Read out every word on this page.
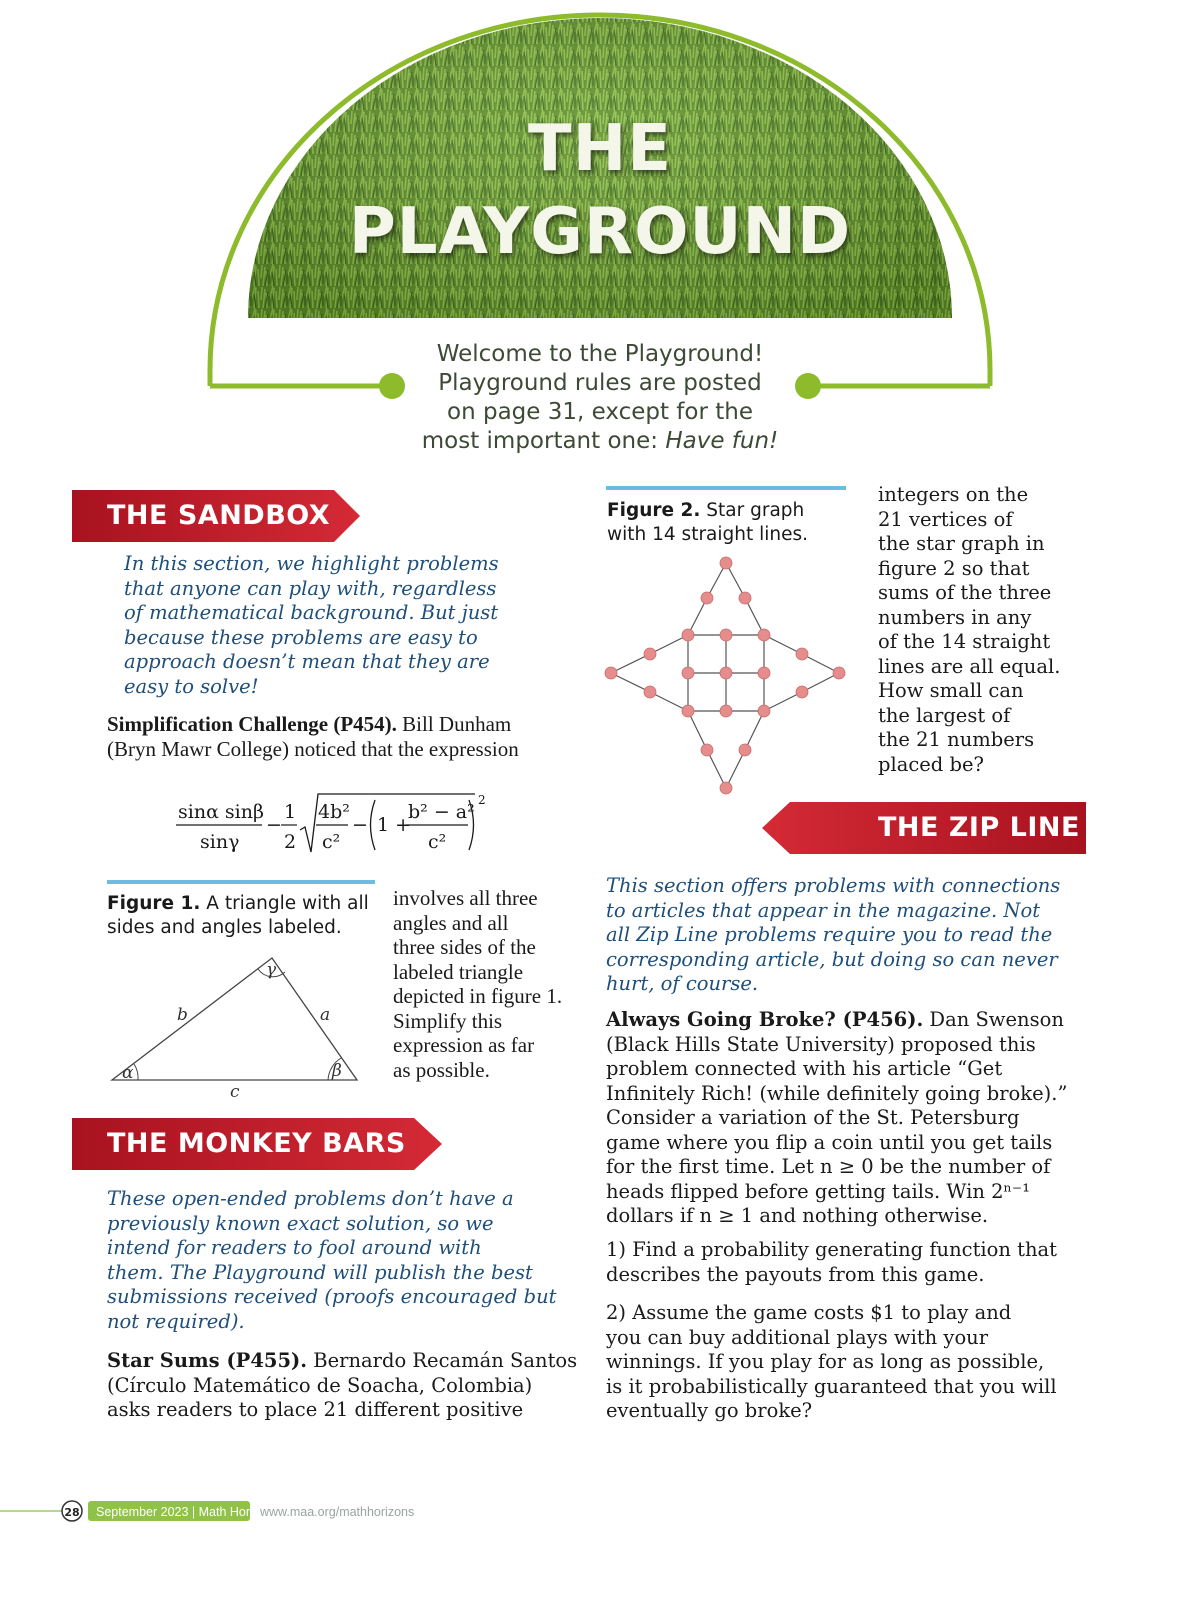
THE
PLAYGROUND
Welcome to the Playground!
Playground rules are posted
on page 31, except for the
most important one: Have fun!
THE SANDBOX
In this section, we highlight problems
that anyone can play with, regardless
of mathematical background. But just
because these problems are easy to
approach doesn’t mean that they are
easy to solve!
Simplification Challenge (P454). Bill Dunham
(Bryn Mawr College) noticed that the expression
sinα sinβ
sinγ
−
1
2
4b²
c²
− 1 +
b² − a²
c²
2
Figure 1. A triangle with all
sides and angles labeled.
γ
b	a
α	β
c
involves all three
angles and all
three sides of the
labeled triangle
depicted in figure 1.
Simplify this
expression as far
as possible.
THE MONKEY BARS
These open-ended problems don’t have a
previously known exact solution, so we
intend for readers to fool around with
them. The Playground will publish the best
submissions received (proofs encouraged but
not required).
Star Sums (P455). Bernardo Recamán Santos
(Círculo Matemático de Soacha, Colombia)
asks readers to place 21 different positive
Figure 2. Star graph
with 14 straight lines.
integers on the
21 vertices of
the star graph in
figure 2 so that
sums of the three
numbers in any
of the 14 straight
lines are all equal.
How small can
the largest of
the 21 numbers
placed be?
THE ZIP LINE
This section offers problems with connections
to articles that appear in the magazine. Not
all Zip Line problems require you to read the
corresponding article, but doing so can never
hurt, of course.
Always Going Broke? (P456). Dan Swenson
(Black Hills State University) proposed this
problem connected with his article “Get
Infinitely Rich! (while definitely going broke).”
Consider a variation of the St. Petersburg
game where you flip a coin until you get tails
for the first time. Let n ≥ 0 be the number of
heads flipped before getting tails. Win 2ⁿ⁻¹
dollars if n ≥ 1 and nothing otherwise.
1) Find a probability generating function that
describes the payouts from this game.
2) Assume the game costs $1 to play and
you can buy additional plays with your
winnings. If you play for as long as possible,
is it probabilistically guaranteed that you will
eventually go broke?
28 September 2023 | Math Horizons
www.maa.org/mathhorizons
